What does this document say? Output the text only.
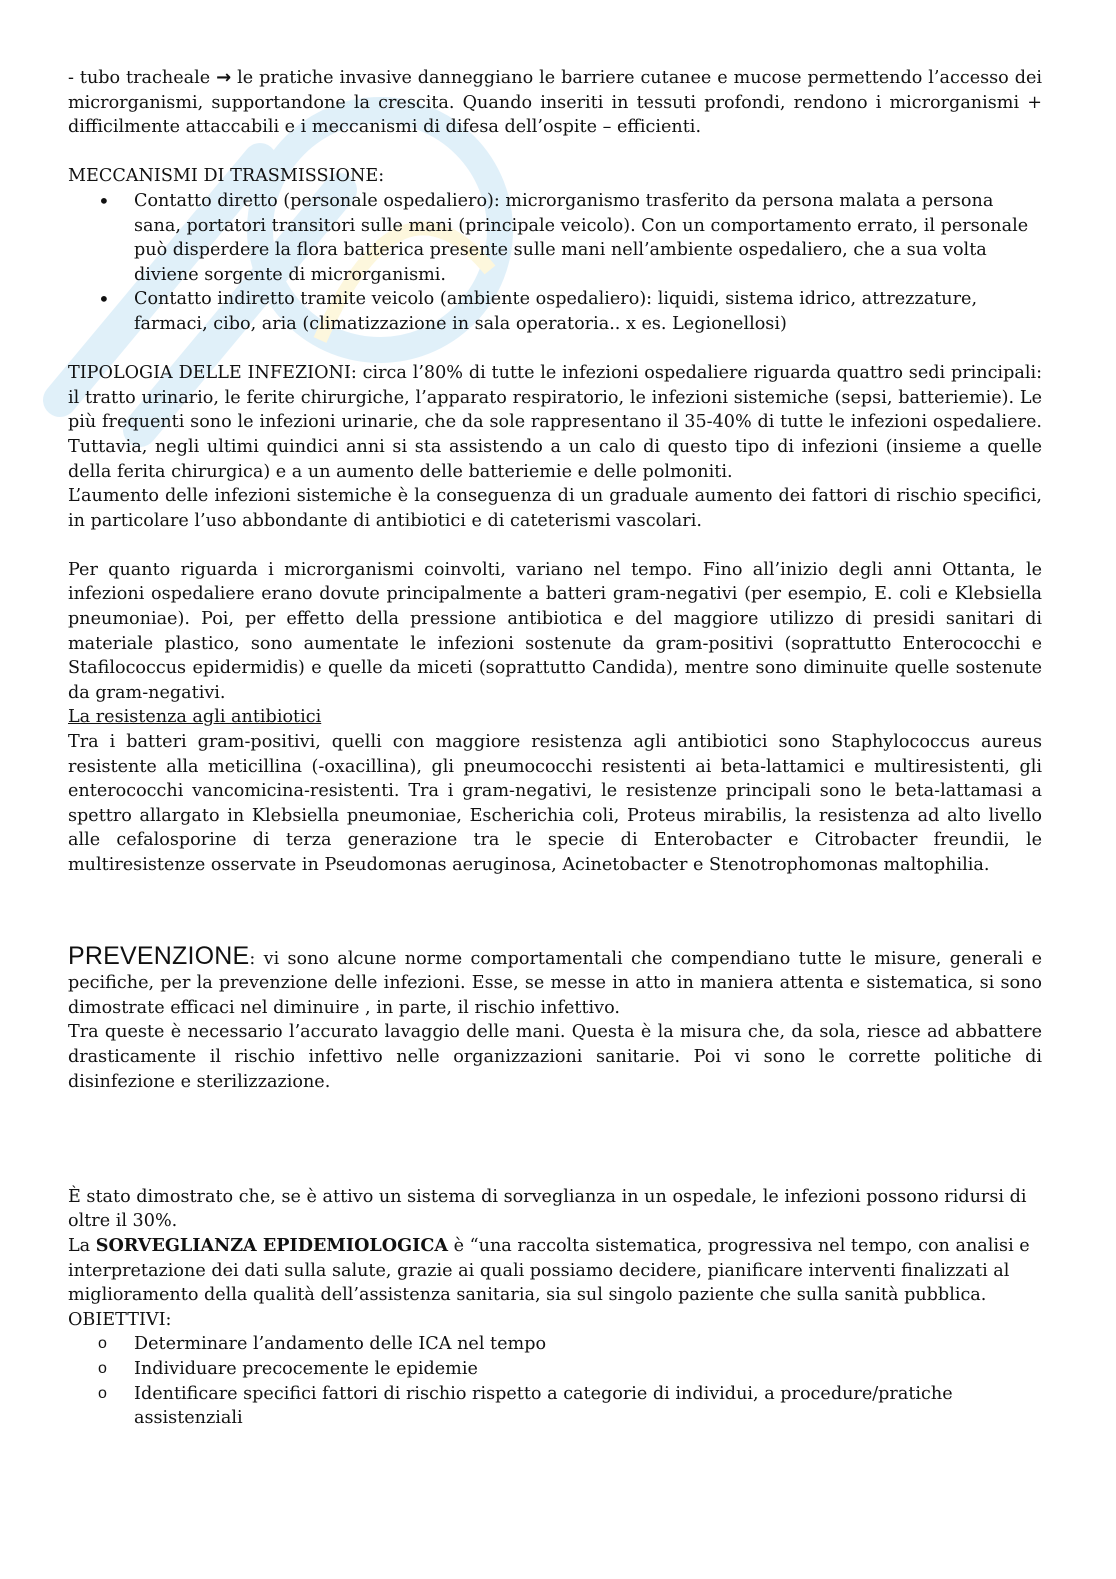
- tubo tracheale → le pratiche invasive danneggiano le barriere cutanee e mucose permettendo l’accesso dei microrganismi, supportandone la crescita. Quando inseriti in tessuti profondi, rendono i microrganismi + difficilmente attaccabili e i meccanismi di difesa dell’ospite – efficienti.

MECCANISMI DI TRASMISSIONE:

•	Contatto diretto (personale ospedaliero): microrganismo trasferito da persona malata a persona sana, portatori transitori sulle mani (principale veicolo). Con un comportamento errato, il personale può disperdere la flora batterica presente sulle mani nell’ambiente ospedaliero, che a sua volta diviene sorgente di microrganismi.
•	Contatto indiretto tramite veicolo (ambiente ospedaliero): liquidi, sistema idrico, attrezzature, farmaci, cibo, aria (climatizzazione in sala operatoria.. x es. Legionellosi)

TIPOLOGIA DELLE INFEZIONI: circa l’80% di tutte le infezioni ospedaliere riguarda quattro sedi principali: il tratto urinario, le ferite chirurgiche, l’apparato respiratorio, le infezioni sistemiche (sepsi, batteriemie). Le più frequenti sono le infezioni urinarie, che da sole rappresentano il 35-40% di tutte le infezioni ospedaliere. Tuttavia, negli ultimi quindici anni si sta assistendo a un calo di questo tipo di infezioni (insieme a quelle della ferita chirurgica) e a un aumento delle batteriemie e delle polmoniti.

L’aumento delle infezioni sistemiche è la conseguenza di un graduale aumento dei fattori di rischio specifici, in particolare l’uso abbondante di antibiotici e di cateterismi vascolari.

Per quanto riguarda i microrganismi coinvolti, variano nel tempo. Fino all’inizio degli anni Ottanta, le infezioni ospedaliere erano dovute principalmente a batteri gram-negativi (per esempio, E. coli e Klebsiella pneumoniae). Poi, per effetto della pressione antibiotica e del maggiore utilizzo di presidi sanitari di materiale plastico, sono aumentate le infezioni sostenute da gram-positivi (soprattutto Enterococchi e Stafilococcus epidermidis) e quelle da miceti (soprattutto Candida), mentre sono diminuite quelle sostenute da gram-negativi.

La resistenza agli antibiotici

Tra i batteri gram-positivi, quelli con maggiore resistenza agli antibiotici sono Staphylococcus aureus resistente alla meticillina (-oxacillina), gli pneumococchi resistenti ai beta-lattamici e multiresistenti, gli enterococchi vancomicina-resistenti. Tra i gram-negativi, le resistenze principali sono le beta-lattamasi a spettro allargato in Klebsiella pneumoniae, Escherichia coli, Proteus mirabilis, la resistenza ad alto livello alle cefalosporine di terza generazione tra le specie di Enterobacter e Citrobacter freundii, le multiresistenze osservate in Pseudomonas aeruginosa, Acinetobacter e Stenotrophomonas maltophilia.

PREVENZIONE: vi sono alcune norme comportamentali che compendiano tutte le misure, generali e pecifiche, per la prevenzione delle infezioni. Esse, se messe in atto in maniera attenta e sistematica, si sono dimostrate efficaci nel diminuire , in parte, il rischio infettivo.

Tra queste è necessario l’accurato lavaggio delle mani. Questa è la misura che, da sola, riesce ad abbattere drasticamente il rischio infettivo nelle organizzazioni sanitarie. Poi vi sono le corrette politiche di disinfezione e sterilizzazione.

È stato dimostrato che, se è attivo un sistema di sorveglianza in un ospedale, le infezioni possono ridursi di oltre il 30%.

La SORVEGLIANZA EPIDEMIOLOGICA è “una raccolta sistematica, progressiva nel tempo, con analisi e interpretazione dei dati sulla salute, grazie ai quali possiamo decidere, pianificare interventi finalizzati al miglioramento della qualità dell’assistenza sanitaria, sia sul singolo paziente che sulla sanità pubblica.

OBIETTIVI:

o	Determinare l’andamento delle ICA nel tempo
o	Individuare precocemente le epidemie
o	Identificare specifici fattori di rischio rispetto a categorie di individui, a procedure/pratiche assistenziali
